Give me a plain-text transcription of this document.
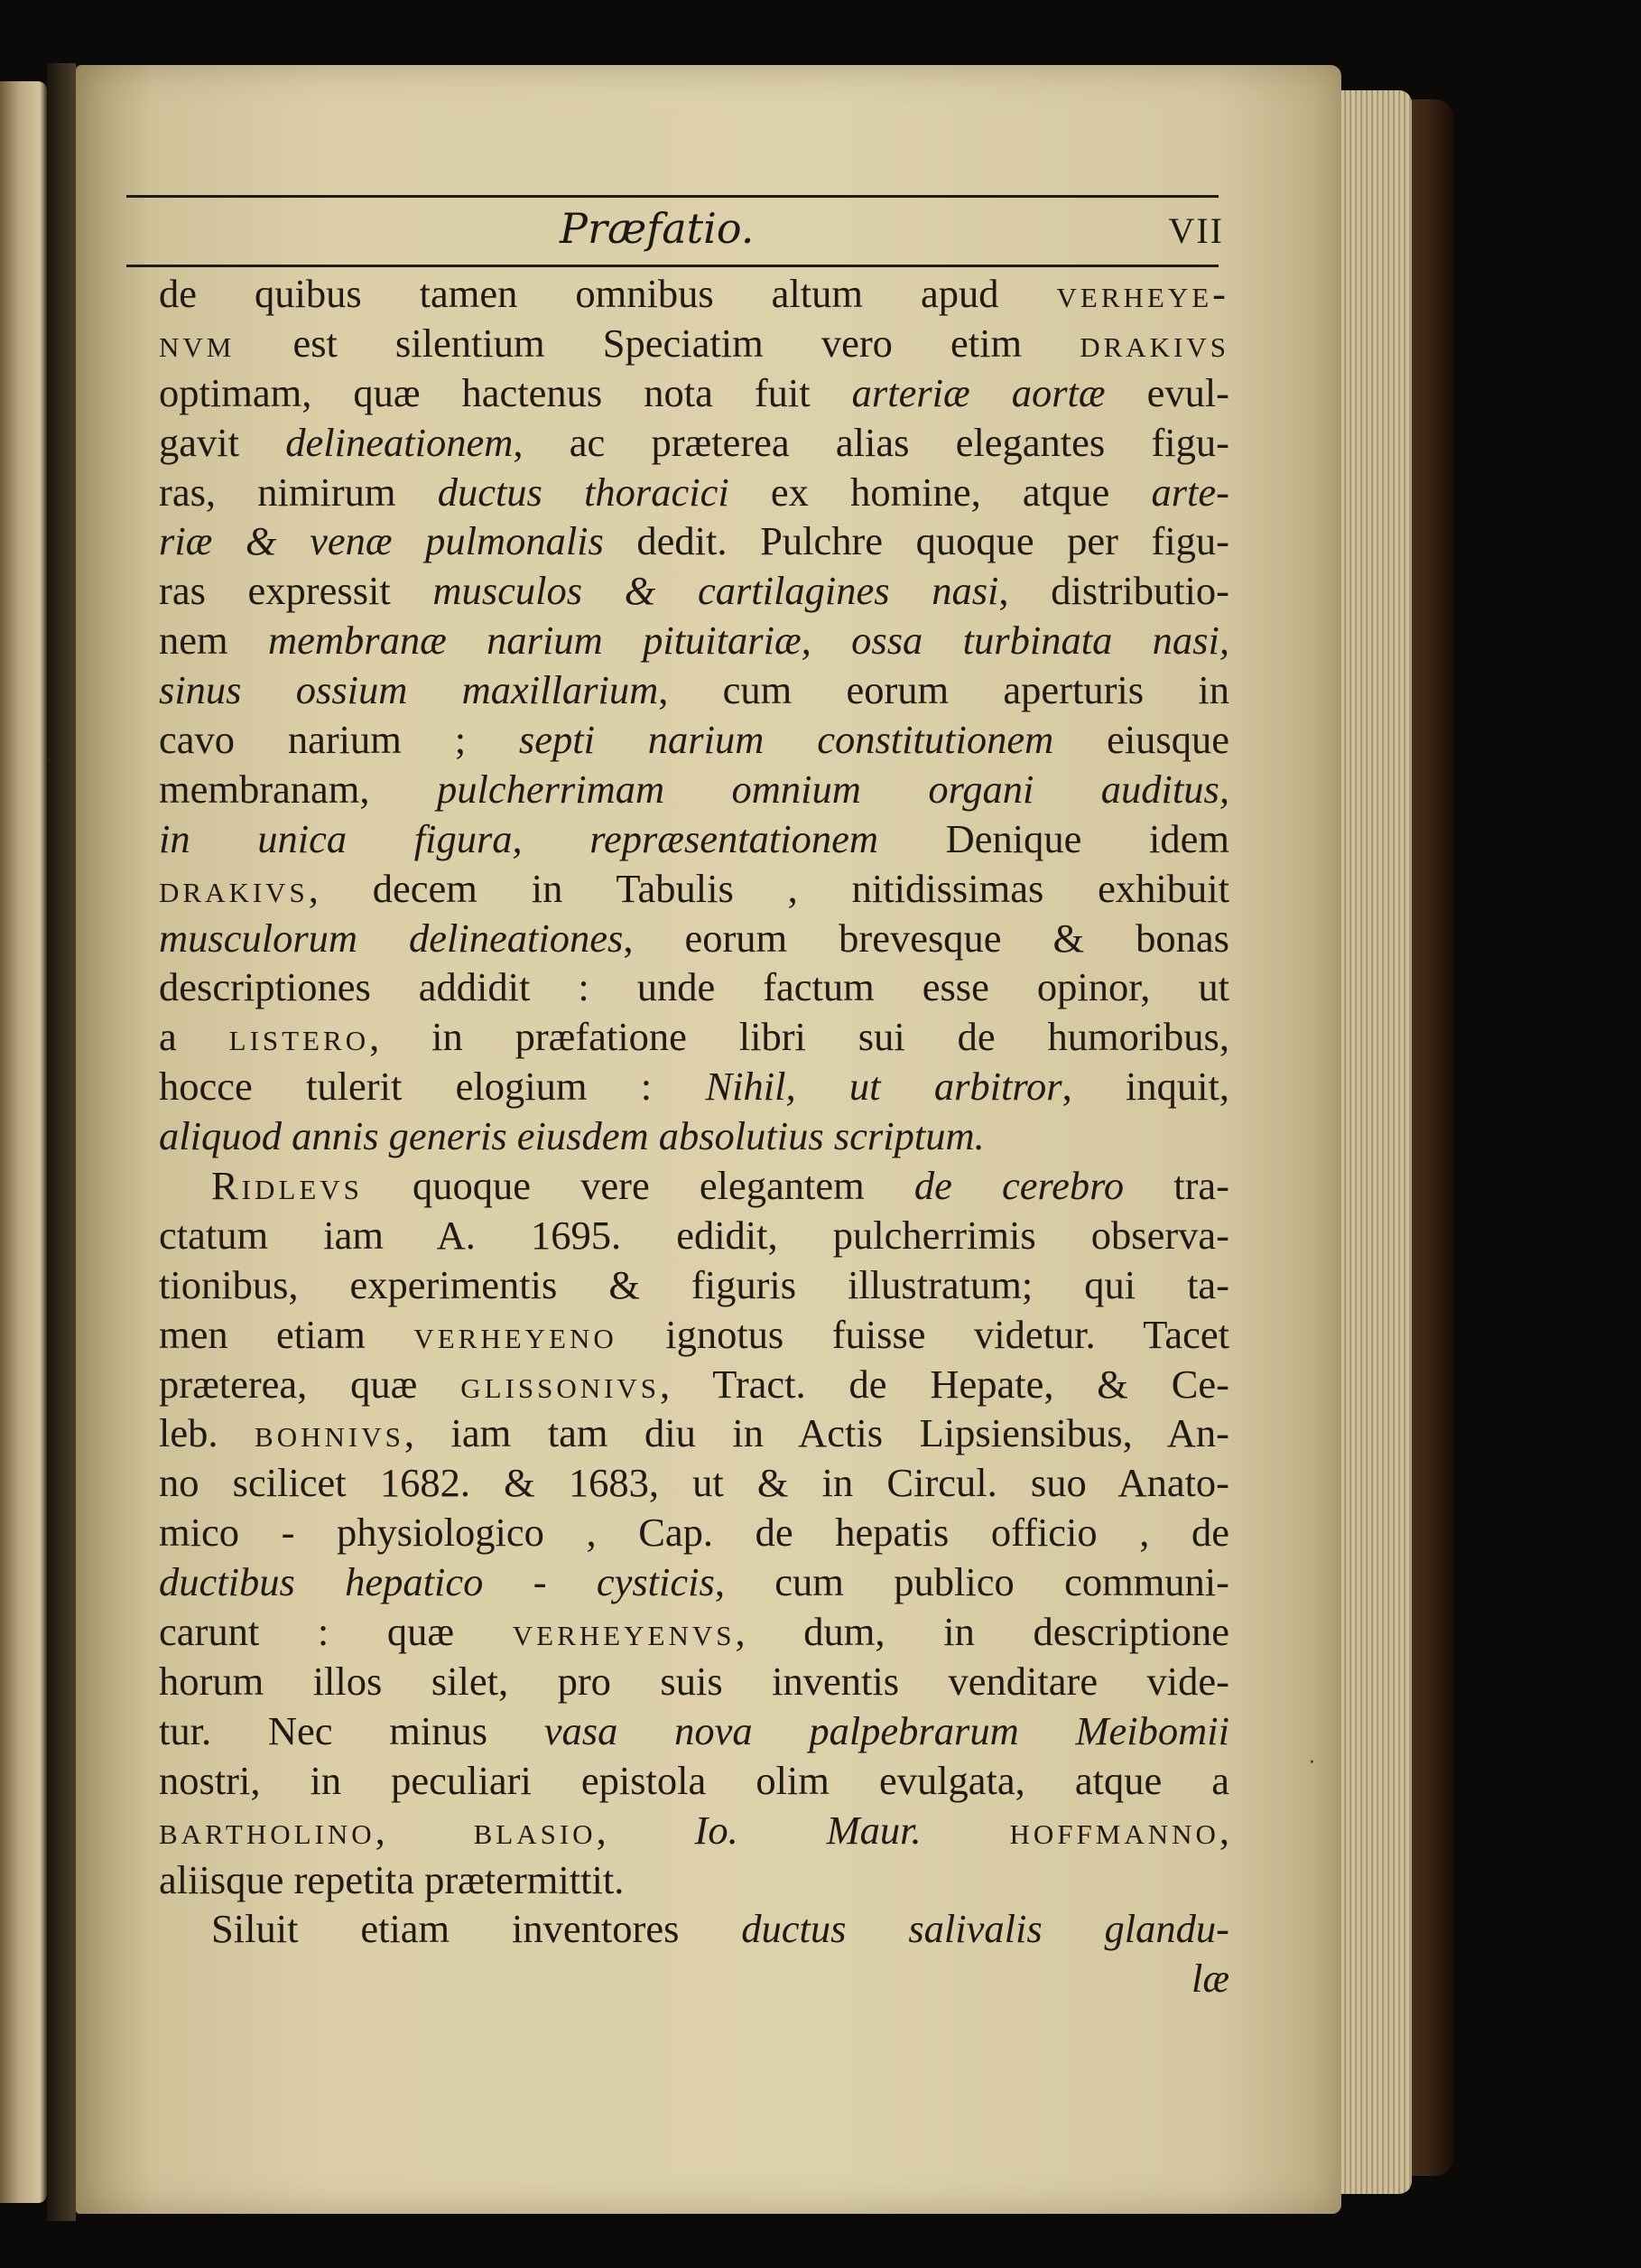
Præfatio.	VII
de quibus tamen omnibus altum apud verheye-
nvm est silentium Speciatim vero etim drakivs
optimam, quæ hactenus nota fuit arteriæ aortæ evul-
gavit delineationem, ac præterea alias elegantes figu-
ras, nimirum ductus thoracici ex homine, atque arte-
riæ & venæ pulmonalis dedit. Pulchre quoque per figu-
ras expressit musculos & cartilagines nasi, distributio-
nem membranæ narium pituitariæ, ossa turbinata nasi,
sinus ossium maxillarium, cum eorum aperturis in
cavo narium ; septi narium constitutionem eiusque
membranam, pulcherrimam omnium organi auditus,
in unica figura, repræsentationem Denique idem
drakivs, decem in Tabulis , nitidissimas exhibuit
musculorum delineationes, eorum brevesque & bonas
descriptiones addidit : unde factum esse opinor, ut
a listero, in præfatione libri sui de humoribus,
hocce tulerit elogium : Nihil, ut arbitror, inquit,
aliquod annis generis eiusdem absolutius scriptum.
Ridlevs quoque vere elegantem de cerebro tra-
ctatum iam A. 1695. edidit, pulcherrimis observa-
tionibus, experimentis & figuris illustratum; qui ta-
men etiam verheyeno ignotus fuisse videtur. Tacet
præterea, quæ glissonivs, Tract. de Hepate, & Ce-
leb. bohnivs, iam tam diu in Actis Lipsiensibus, An-
no scilicet 1682. & 1683, ut & in Circul. suo Anato-
mico - physiologico , Cap. de hepatis officio , de
ductibus hepatico - cysticis, cum publico communi-
carunt : quæ verheyenvs, dum, in descriptione
horum illos silet, pro suis inventis venditare vide-
tur. Nec minus vasa nova palpebrarum Meibomii
nostri, in peculiari epistola olim evulgata, atque a
bartholino, blasio, Io. Maur. hoffmanno,
aliisque repetita prætermittit.
Siluit etiam inventores ductus salivalis glandu-
læ
·
·
